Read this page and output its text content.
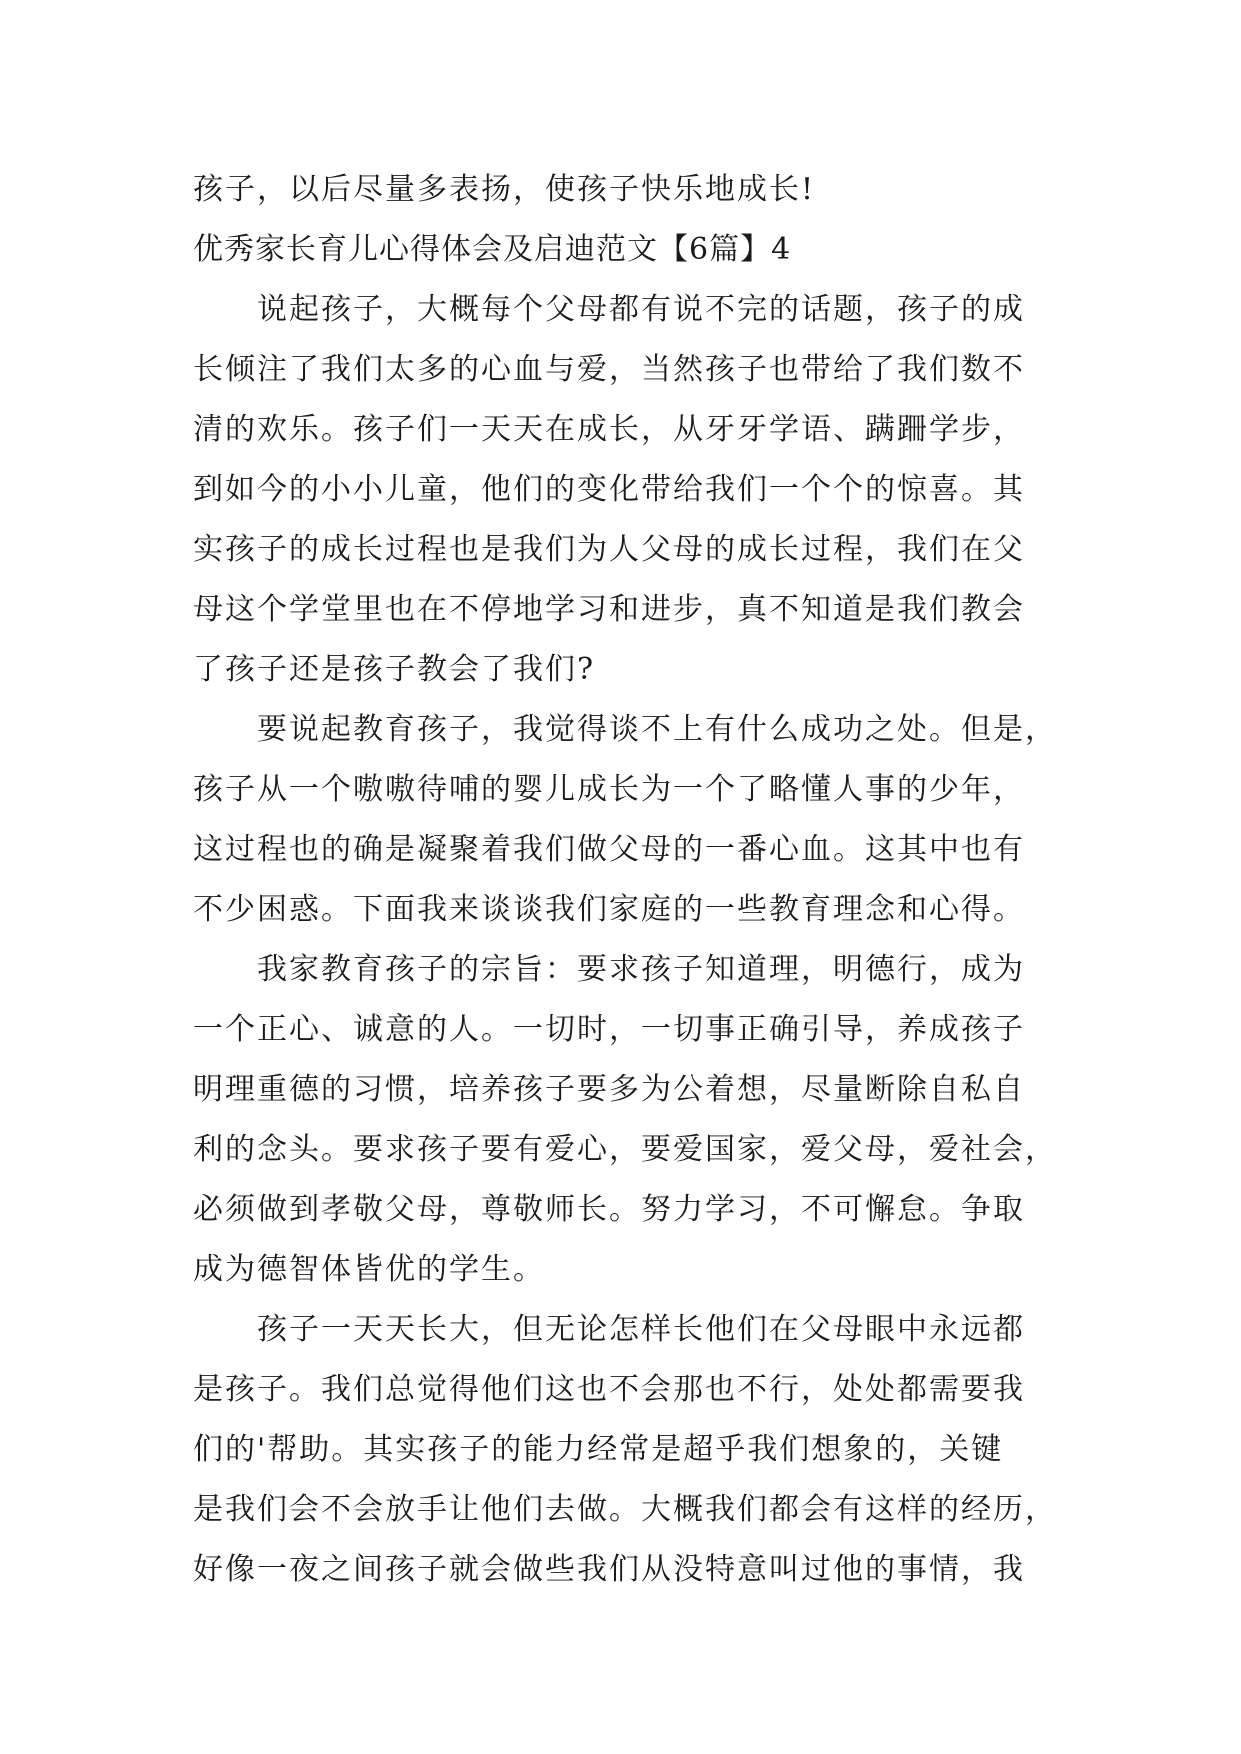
孩子，以后尽量多表扬，使孩子快乐地成长!
优秀家长育儿心得体会及启迪范文【6篇】4
说起孩子，大概每个父母都有说不完的话题，孩子的成
长倾注了我们太多的心血与爱，当然孩子也带给了我们数不
清的欢乐。孩子们一天天在成长，从牙牙学语、蹒跚学步，
到如今的小小儿童，他们的变化带给我们一个个的惊喜。其
实孩子的成长过程也是我们为人父母的成长过程，我们在父
母这个学堂里也在不停地学习和进步，真不知道是我们教会
了孩子还是孩子教会了我们?
要说起教育孩子，我觉得谈不上有什么成功之处。但是，
孩子从一个嗷嗷待哺的婴儿成长为一个了略懂人事的少年，
这过程也的确是凝聚着我们做父母的一番心血。这其中也有
不少困惑。下面我来谈谈我们家庭的一些教育理念和心得。
我家教育孩子的宗旨：要求孩子知道理，明德行，成为
一个正心、诚意的人。一切时，一切事正确引导，养成孩子
明理重德的习惯，培养孩子要多为公着想，尽量断除自私自
利的念头。要求孩子要有爱心，要爱国家，爱父母，爱社会，
必须做到孝敬父母，尊敬师长。努力学习，不可懈怠。争取
成为德智体皆优的学生。
孩子一天天长大，但无论怎样长他们在父母眼中永远都
是孩子。我们总觉得他们这也不会那也不行，处处都需要我
们的'帮助。其实孩子的能力经常是超乎我们想象的，关键
是我们会不会放手让他们去做。大概我们都会有这样的经历，
好像一夜之间孩子就会做些我们从没特意叫过他的事情，我
